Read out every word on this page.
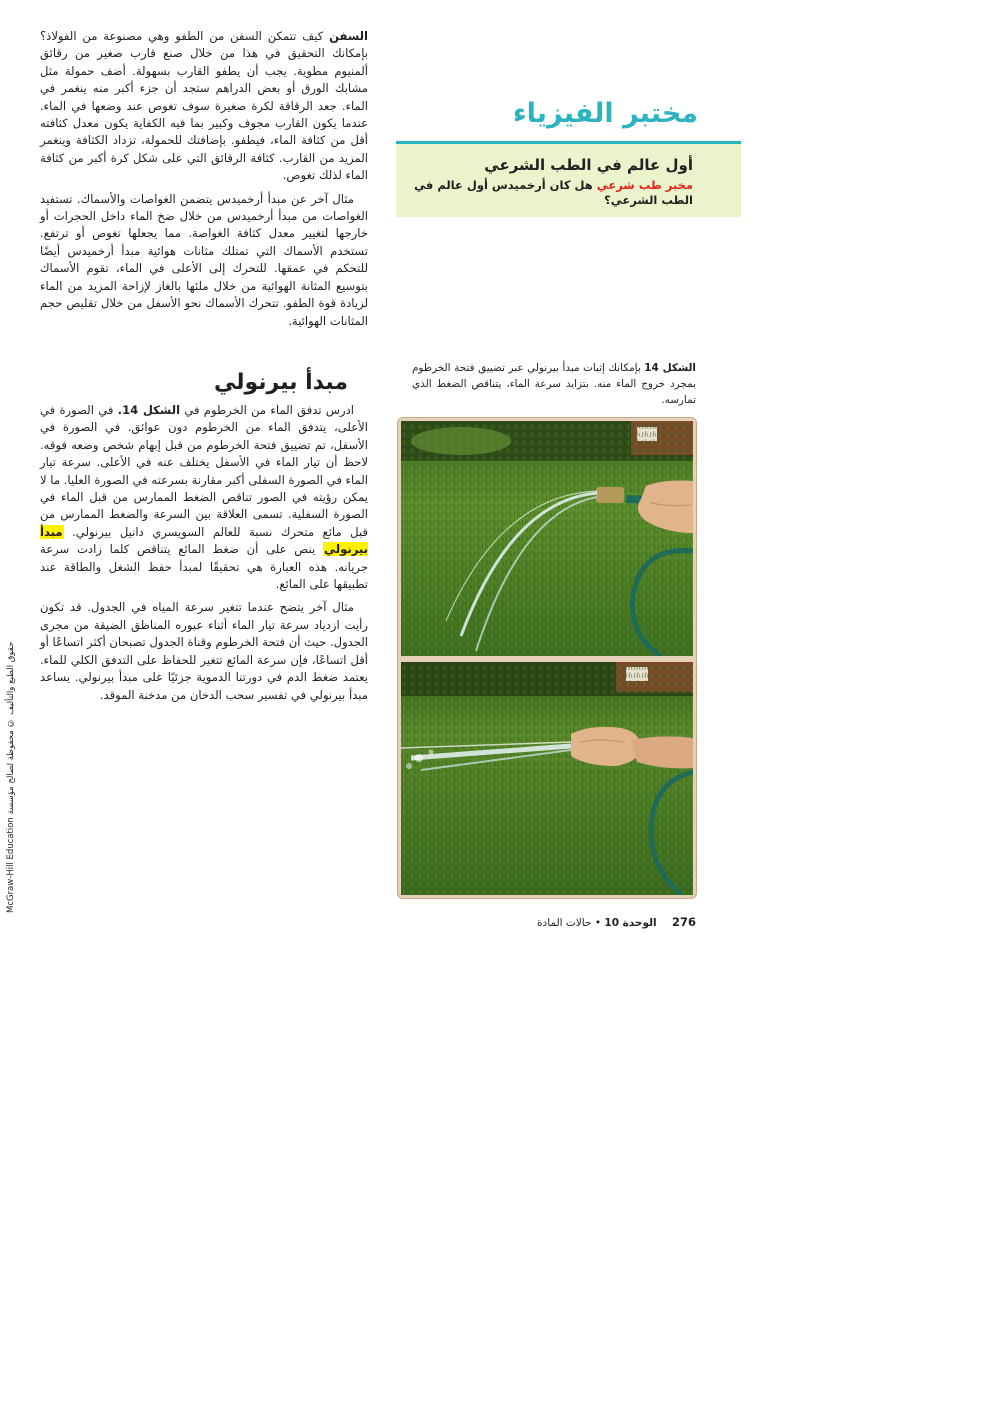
السفن كيف تتمكن السفن من الطفو وهي مصنوعة من الفولاذ؟ بإمكانك التحقيق في هذا من خلال صنع قارب صغير من رقائق ألمنيوم مطوية. يجب أن يطفو القارب بسهولة. أضف حمولة مثل مشابك الورق أو بعض الدراهم ستجد أن جزء أكبر منه ينغمر في الماء. جعد الرقاقة لكرة صغيرة سوف تغوص عند وضعها في الماء. عندما يكون القارب مجوف وكبير بما فيه الكفاية يكون معدل كثافته أقل من كثافة الماء، فيطفو. بإضافتك للحمولة، تزداد الكثافة وينغمر المزيد من القارب. كثافة الرقائق التي على شكل كرة أكبر من كثافة الماء لذلك تغوص.

مثال آخر عن مبدأ أرخميدس يتضمن الغواصات والأسماك. تستفيد الغواصات من مبدأ أرخميدس من خلال ضخ الماء داخل الحجرات أو خارجها لتغيير معدل كثافة الغواصة. مما يجعلها تغوص أو ترتفع. تستخدم الأسماك التي تمتلك مثانات هوائية مبدأ أرخميدس أيضًا للتحكم في عمقها. للتحرك إلى الأعلى في الماء، تقوم الأسماك بتوسيع المثانة الهوائية من خلال ملئها بالغاز لإزاحة المزيد من الماء لزيادة قوة الطفو. تتحرك الأسماك نحو الأسفل من خلال تقليص حجم المثانات الهوائية.

مبدأ بيرنولي

ادرس تدفق الماء من الخرطوم في الشكل 14. في الصورة في الأعلى، يتدفق الماء من الخرطوم دون عوائق. في الصورة في الأسفل، تم تضييق فتحة الخرطوم من قبل إبهام شخص وضعه فوقه. لاحظ أن تيار الماء في الأسفل يختلف عنه في الأعلى. سرعة تيار الماء في الصورة السفلى أكبر مقارنة بسرعته في الصورة العليا. ما لا يمكن رؤيته في الصور تناقص الضغط الممارس من قبل الماء في الصورة السفلية. تسمى العلاقة بين السرعة والضغط الممارس من قبل مائع متحرك نسبة للعالم السويسري دانيل بيرنولي. مبدأ بيرنولي ينص على أن ضغط المائع يتناقص كلما زادت سرعة جريانه. هذه العبارة هي تحقيقًا لمبدأ حفظ الشغل والطاقة عند تطبيقها على المائع.

مثال آخر يتضح عندما تتغير سرعة المياه في الجدول. قد تكون رأيت ازدياد سرعة تيار الماء أثناء عبوره المناظق الضيقة من مجرى الجدول. حيث أن فتحة الخرطوم وقناة الجدول تصبحان أكثر اتساعًا أو أقل اتساعًا، فإن سرعة المائع تتغير للحفاظ على التدفق الكلي للماء. يعتمد ضغط الدم في دورتنا الدموية جزئيًا على مبدأ بيرنولي. يساعد مبدأ بيرنولي في تفسير سحب الدخان من مدخنة الموقد.

مختبر الفيزياء
أول عالم في الطب الشرعي
مخبر طب شرعي هل كان أرخميدس أول عالم في الطب الشرعي؟
الشكل 14 بإمكانك إثبات مبدأ بيرنولي عبر تضييق فتحة الخرطوم بمجرد خروج الماء منه. بتزايد سرعة الماء، يتناقص الضغط الذي تمارسه.
276 الوحدة 10 • حالات المادة
حقوق الطبع والتأليف © محفوظة لصالح مؤسسة McGraw-Hill Education
